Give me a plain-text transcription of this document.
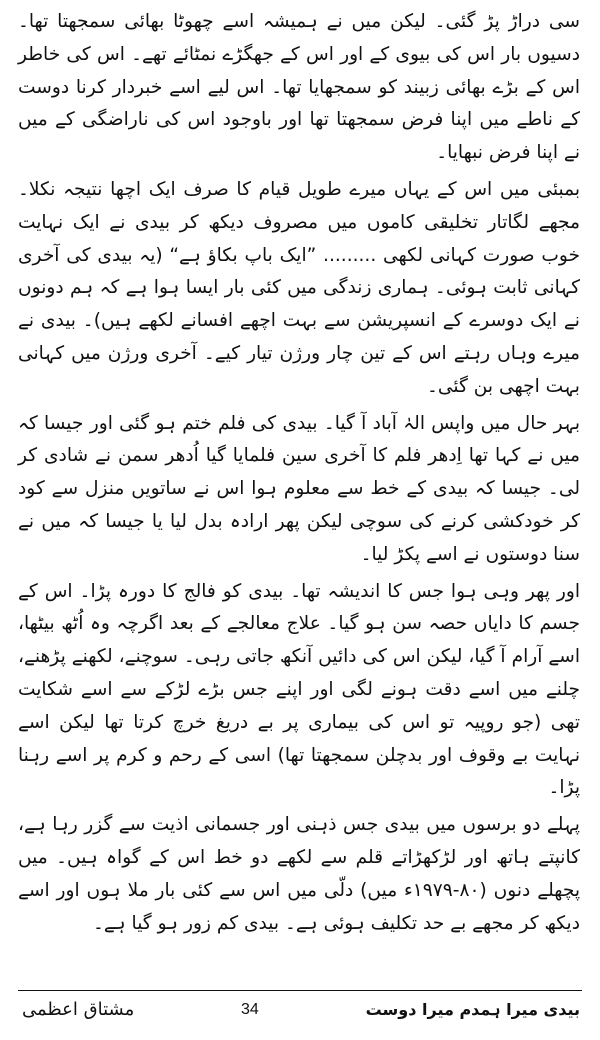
سی دراڑ پڑ گئی۔ لیکن میں نے ہمیشہ اسے چھوٹا بھائی سمجھتا تھا۔ دسیوں بار اس کی بیوی کے اور اس کے جھگڑے نمٹائے تھے۔ اس کی خاطر اس کے بڑے بھائی زبیند کو سمجھایا تھا۔ اس لیے اسے خبردار کرنا دوست کے ناطے میں اپنا فرض سمجھتا تھا اور باوجود اس کی ناراضگی کے میں نے اپنا فرض نبھایا۔

بمبئی میں اس کے یہاں میرے طویل قیام کا صرف ایک اچھا نتیجہ نکلا۔ مجھے لگاتار تخلیقی کاموں میں مصروف دیکھ کر بیدی نے ایک نہایت خوب صورت کہانی لکھی ......... ”ایک باپ بکاؤ ہے“ (یہ بیدی کی آخری کہانی ثابت ہوئی۔ ہماری زندگی میں کئی بار ایسا ہوا ہے کہ ہم دونوں نے ایک دوسرے کے انسپریشن سے بہت اچھے افسانے لکھے ہیں)۔ بیدی نے میرے وہاں رہتے اس کے تین چار ورژن تیار کیے۔ آخری ورژن میں کہانی بہت اچھی بن گئی۔

بہر حال میں واپس الہٰ آباد آ گیا۔ بیدی کی فلم ختم ہو گئی اور جیسا کہ میں نے کہا تھا اِدھر فلم کا آخری سین فلمایا گیا اُدھر سمن نے شادی کر لی۔ جیسا کہ بیدی کے خط سے معلوم ہوا اس نے ساتویں منزل سے کود کر خودکشی کرنے کی سوچی لیکن پھر ارادہ بدل لیا یا جیسا کہ میں نے سنا دوستوں نے اسے پکڑ لیا۔

اور پھر وہی ہوا جس کا اندیشہ تھا۔ بیدی کو فالج کا دورہ پڑا۔ اس کے جسم کا دایاں حصہ سن ہو گیا۔ علاج معالجے کے بعد اگرچہ وہ اُٹھ بیٹھا، اسے آرام آ گیا، لیکن اس کی دائیں آنکھ جاتی رہی۔ سوچنے، لکھنے پڑھنے، چلنے میں اسے دقت ہونے لگی اور اپنے جس بڑے لڑکے سے اسے شکایت تھی (جو روپیہ تو اس کی بیماری پر بے دریغ خرچ کرتا تھا لیکن اسے نہایت بے وقوف اور بدچلن سمجھتا تھا) اسی کے رحم و کرم پر اسے رہنا پڑا۔

پہلے دو برسوں میں بیدی جس ذہنی اور جسمانی اذیت سے گزر رہا ہے، کانپتے ہاتھ اور لڑکھڑاتے قلم سے لکھے دو خط اس کے گواہ ہیں۔ میں پچھلے دنوں (۸۰-۱۹۷۹ء میں) دلّی میں اس سے کئی بار ملا ہوں اور اسے دیکھ کر مجھے بے حد تکلیف ہوئی ہے۔ بیدی کم زور ہو گیا ہے۔

مشتاق اعظمی	34	بیدی میرا ہمدم میرا دوست
